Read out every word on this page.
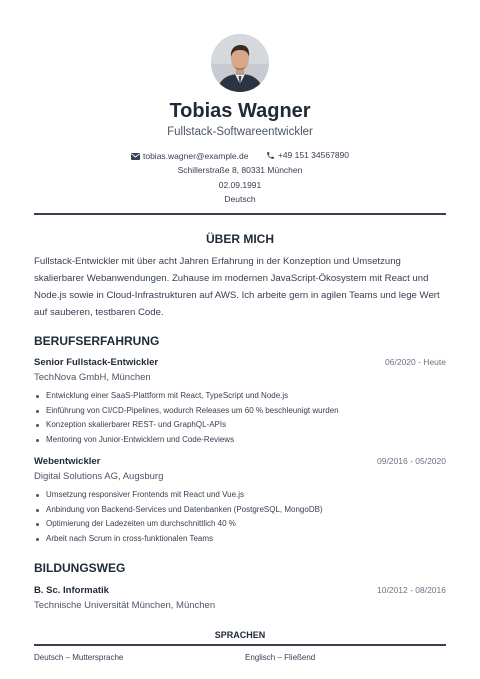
Tobias Wagner
Fullstack-Softwareentwickler
tobias.wagner@example.de
	+49 151 34567890
Schillerstraße 8, 80331 München
02.09.1991
Deutsch
ÜBER MICH
Fullstack-Entwickler mit über acht Jahren Erfahrung in der Konzeption und Umsetzung skalierbarer Webanwendungen. Zuhause im modernen JavaScript-Ökosystem mit React und Node.js sowie in Cloud-Infrastrukturen auf AWS. Ich arbeite gern in agilen Teams und lege Wert auf sauberen, testbaren Code.
BERUFSERFAHRUNG
Senior Fullstack-Entwickler	06/2020 - Heute
TechNova GmbH, München
Entwicklung einer SaaS-Plattform mit React, TypeScript und Node.js
Einführung von CI/CD-Pipelines, wodurch Releases um 60 % beschleunigt wurden
Konzeption skalierbarer REST- und GraphQL-APIs
Mentoring von Junior-Entwicklern und Code-Reviews
Webentwickler	09/2016 - 05/2020
Digital Solutions AG, Augsburg
Umsetzung responsiver Frontends mit React und Vue.js
Anbindung von Backend-Services und Datenbanken (PostgreSQL, MongoDB)
Optimierung der Ladezeiten um durchschnittlich 40 %
Arbeit nach Scrum in cross-funktionalen Teams
BILDUNGSWEG
B. Sc. Informatik	10/2012 - 08/2016
Technische Universität München, München
SPRACHEN
Deutsch – Muttersprache	Englisch – Fließend
